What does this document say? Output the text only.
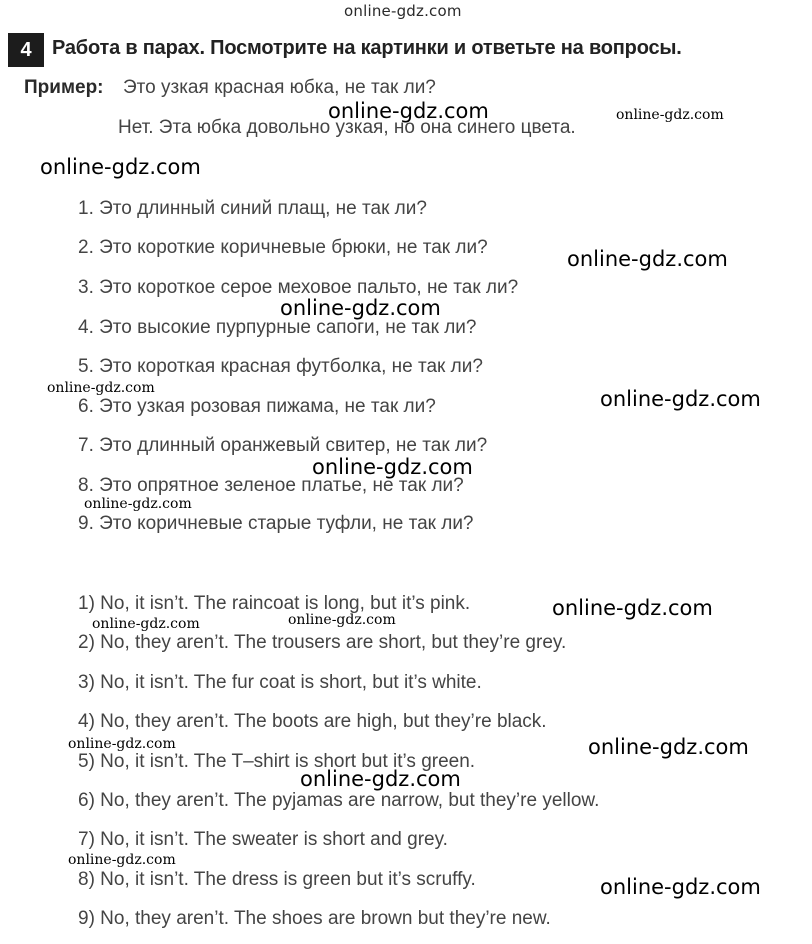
online-gdz.com
4	Работа в парах. Посмотрите на картинки и ответьте на вопросы.
Пример: Это узкая красная юбка, не так ли?
Нет. Эта юбка довольно узкая, но она синего цвета.
1. Это длинный синий плащ, не так ли?
2. Это короткие коричневые брюки, не так ли?
3. Это короткое серое меховое пальто, не так ли?
4. Это высокие пурпурные сапоги, не так ли?
5. Это короткая красная футболка, не так ли?
6. Это узкая розовая пижама, не так ли?
7. Это длинный оранжевый свитер, не так ли?
8. Это опрятное зеленое платье, не так ли?
9. Это коричневые старые туфли, не так ли?
1) No, it isn’t. The raincoat is long, but it’s pink.
2) No, they aren’t. The trousers are short, but they’re grey.
3) No, it isn’t. The fur coat is short, but it’s white.
4) No, they aren’t. The boots are high, but they’re black.
5) No, it isn’t. The T–shirt is short but it’s green.
6) No, they aren’t. The pyjamas are narrow, but they’re yellow.
7) No, it isn’t. The sweater is short and grey.
8) No, it isn’t. The dress is green but it’s scruffy.
9) No, they aren’t. The shoes are brown but they’re new.
online-gdz.com	online-gdz.com
online-gdz.com
online-gdz.com
online-gdz.com
online-gdz.com	online-gdz.com
online-gdz.com
online-gdz.com
online-gdz.com
online-gdz.com	online-gdz.com
online-gdz.com	online-gdz.com
online-gdz.com
online-gdz.com
online-gdz.com
